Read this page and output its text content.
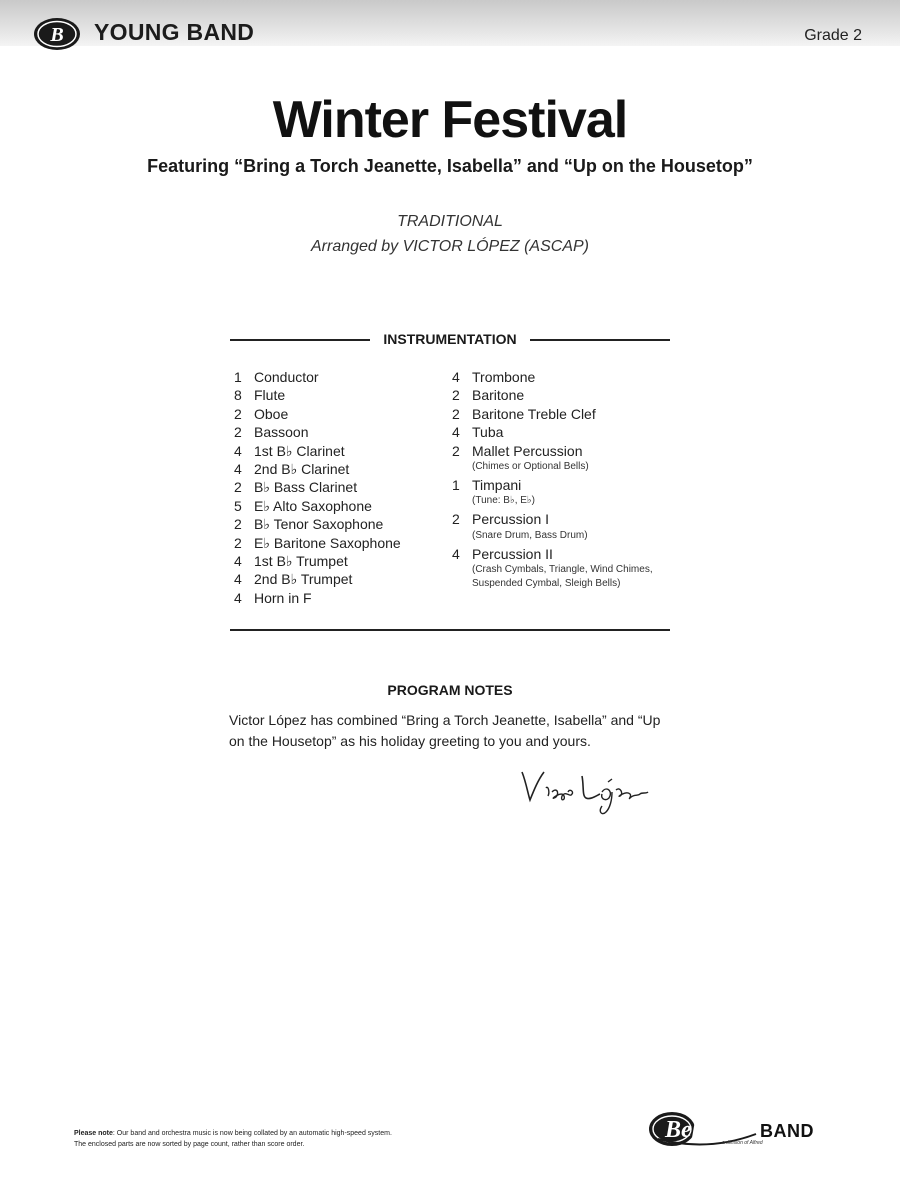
B YOUNG BAND	Grade 2
Winter Festival
Featuring “Bring a Torch Jeanette, Isabella” and “Up on the Housetop”
TRADITIONAL
Arranged by VICTOR LÓPEZ (ASCAP)
INSTRUMENTATION
1 Conductor
8 Flute
2 Oboe
2 Bassoon
4 1st B♭ Clarinet
4 2nd B♭ Clarinet
2 B♭ Bass Clarinet
5 E♭ Alto Saxophone
2 B♭ Tenor Saxophone
2 E♭ Baritone Saxophone
4 1st B♭ Trumpet
4 2nd B♭ Trumpet
4 Horn in F
4 Trombone
2 Baritone
2 Baritone Treble Clef
4 Tuba
2 Mallet Percussion
(Chimes or Optional Bells)
1 Timpani
(Tune: B♭, E♭)
2 Percussion I
(Snare Drum, Bass Drum)
4 Percussion II
(Crash Cymbals, Triangle, Wind Chimes, Suspended Cymbal, Sleigh Bells)
PROGRAM NOTES
Victor López has combined “Bring a Torch Jeanette, Isabella” and “Up on the Housetop” as his holiday greeting to you and yours.
Please note: Our band and orchestra music is now being collated by an automatic high-speed system.
The enclosed parts are now sorted by page count, rather than score order.
Belwin BAND
a division of Alfred
